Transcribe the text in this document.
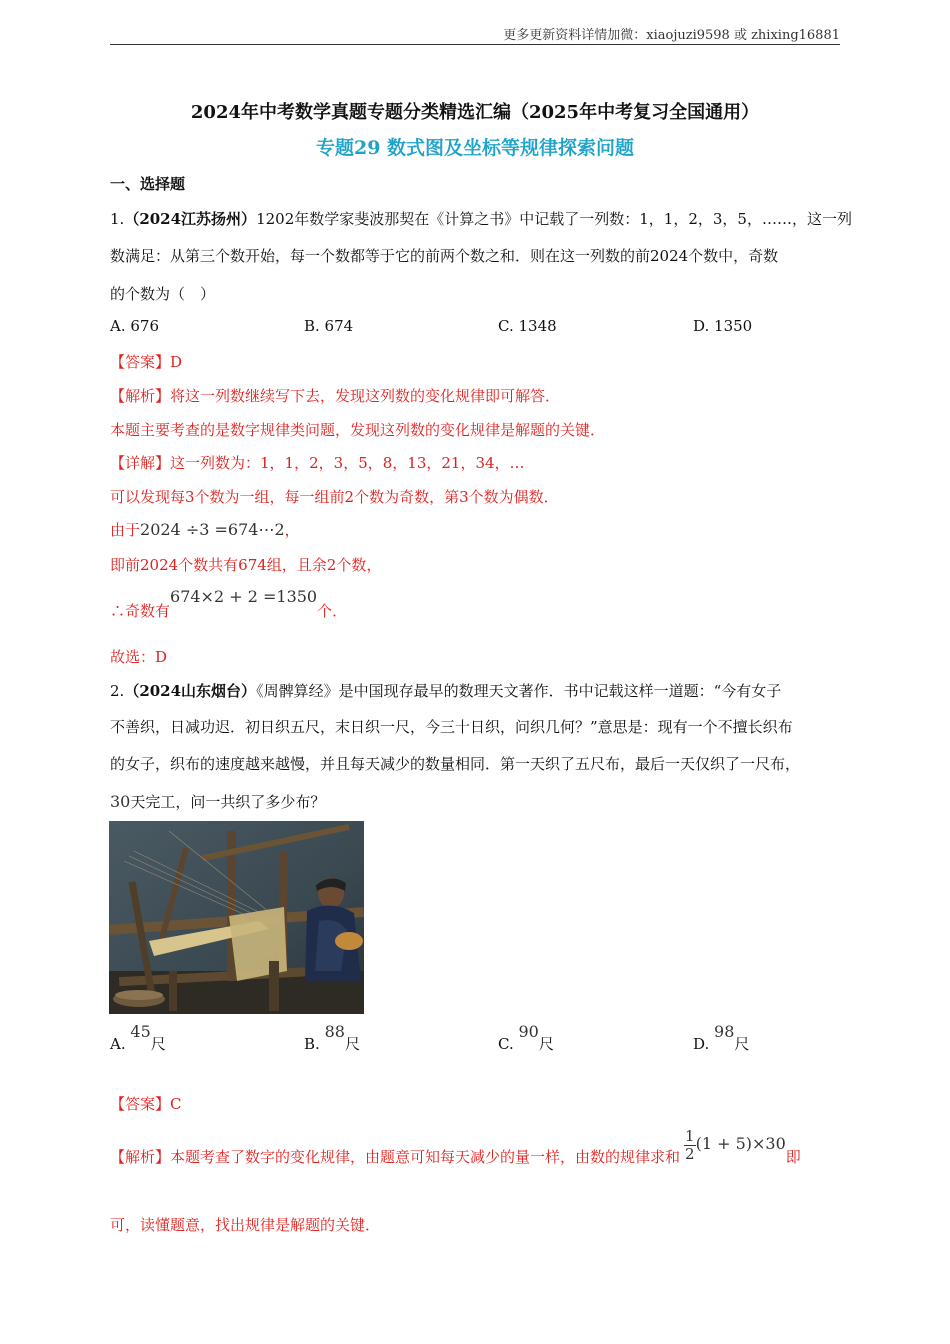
更多更新资料详情加微：xiaojuzi9598 或 zhixing16881
2024年中考数学真题专题分类精选汇编（2025年中考复习全国通用）
专题29 数式图及坐标等规律探索问题
一、选择题
1.（2024江苏扬州）1202年数学家斐波那契在《计算之书》中记载了一列数：1，1，2，3，5，……，这一列
数满足：从第三个数开始，每一个数都等于它的前两个数之和．则在这一列数的前2024个数中，奇数
的个数为（　）
A. 676	B. 674	C. 1348	D. 1350
【答案】D
【解析】将这一列数继续写下去，发现这列数的变化规律即可解答．
本题主要考查的是数字规律类问题，发现这列数的变化规律是解题的关键．
【详解】这一列数为：1，1，2，3，5，8，13，21，34，…
可以发现每3个数为一组，每一组前2个数为奇数，第3个数为偶数．
由于2024 ÷3 =674⋯2，
即前2024个数共有674组，且余2个数，
∴奇数有674×2 + 2 =1350个．
故选：D
2.（2024山东烟台）《周髀算经》是中国现存最早的数理天文著作．书中记载这样一道题：“今有女子
不善织，日减功迟．初日织五尺，末日织一尺，今三十日织，问织几何？”意思是：现有一个不擅长织布
的女子，织布的速度越来越慢，并且每天减少的数量相同．第一天织了五尺布，最后一天仅织了一尺布，
30天完工，问一共织了多少布？
A. 45尺	B. 88尺	C. 90尺	D. 98尺
【答案】C
【解析】本题考查了数字的变化规律，由题意可知每天减少的量一样，由数的规律求和 $\frac{1}{2} (1 + 5)\times 30$即
可，读懂题意，找出规律是解题的关键．
